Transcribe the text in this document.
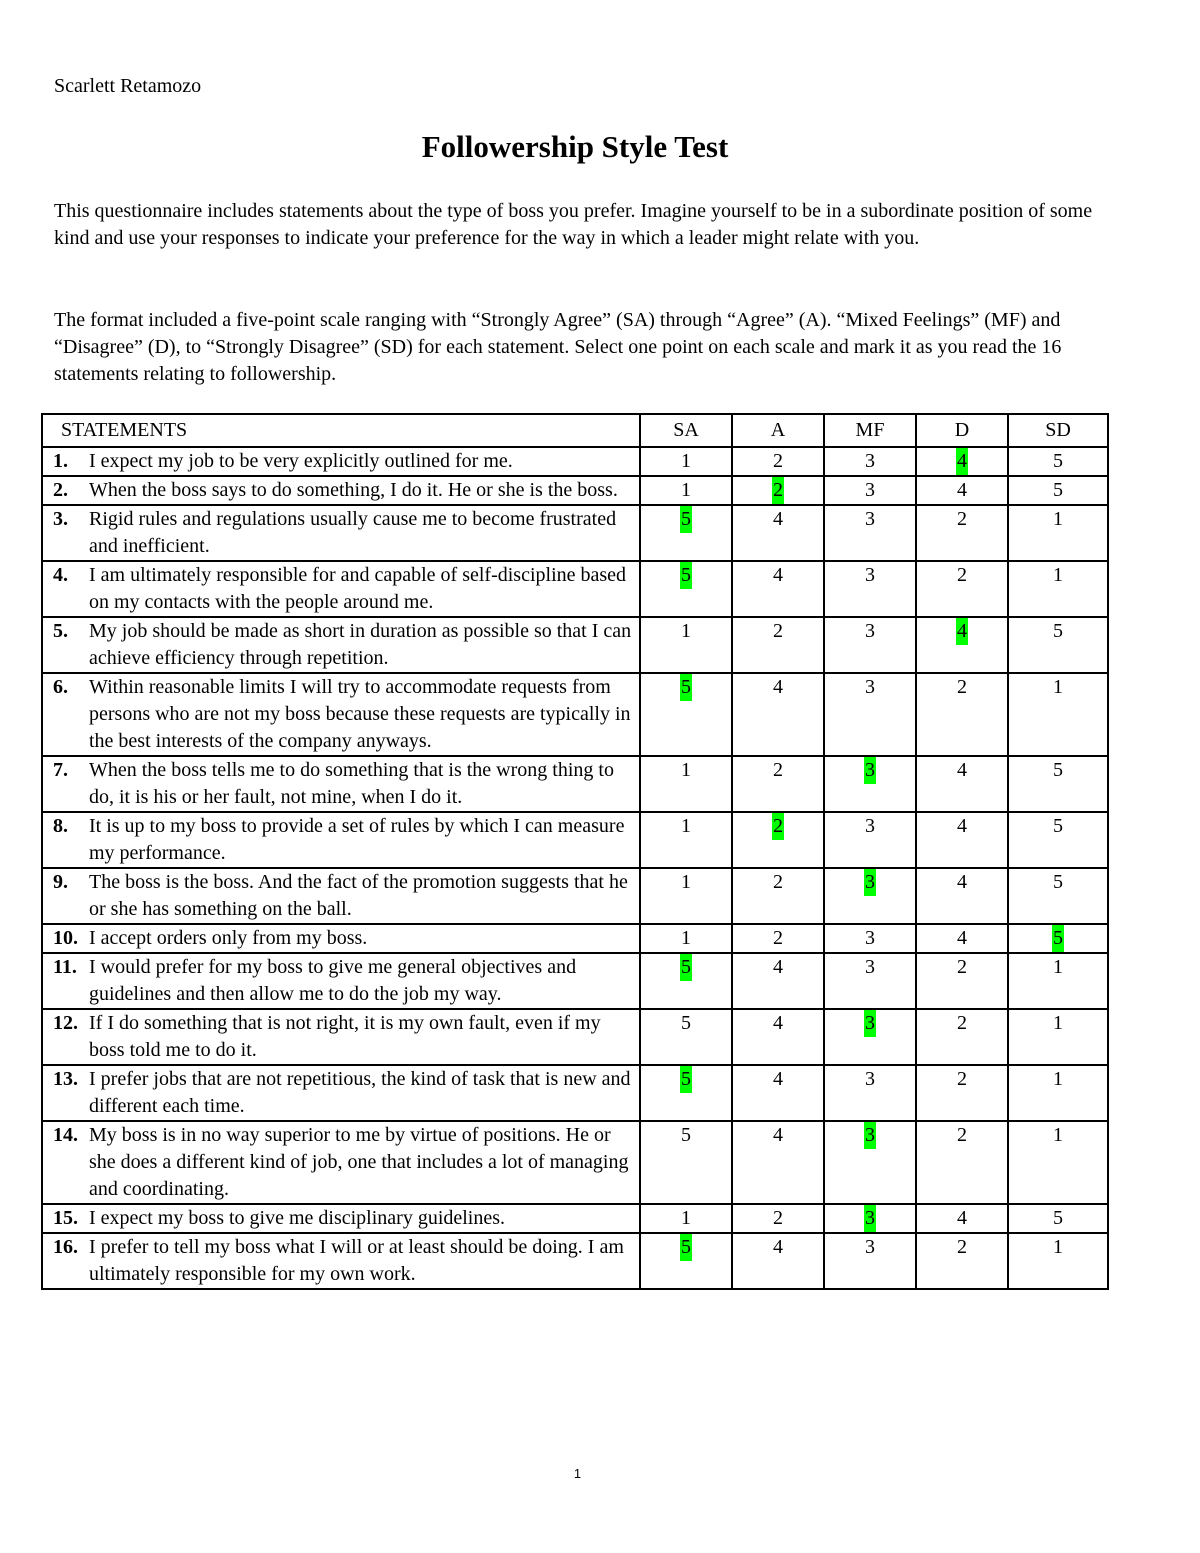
Scarlett Retamozo
Followership Style Test
This questionnaire includes statements about the type of boss you prefer. Imagine yourself to be in a subordinate position of some kind and use your responses to indicate your preference for the way in which a leader might relate with you.
The format included a five-point scale ranging with “Strongly Agree” (SA) through “Agree” (A). “Mixed Feelings” (MF) and “Disagree” (D), to “Strongly Disagree” (SD) for each statement. Select one point on each scale and mark it as you read the 16 statements relating to followership.
STATEMENTS	SA	A	MF	D	SD

1. I expect my job to be very explicitly outlined for me.	1	2	3	4	5

2. When the boss says to do something, I do it. He or she is the boss.	1	2	3	4	5

3. Rigid rules and regulations usually cause me to become frustrated and inefficient.	5	4	3	2	1

4. I am ultimately responsible for and capable of self-discipline based on my contacts with the people around me.	5	4	3	2	1

5. My job should be made as short in duration as possible so that I can achieve efficiency through repetition.	1	2	3	4	5

6. Within reasonable limits I will try to accommodate requests from persons who are not my boss because these requests are typically in the best interests of the company anyways.	5	4	3	2	1

7. When the boss tells me to do something that is the wrong thing to do, it is his or her fault, not mine, when I do it.	1	2	3	4	5

8. It is up to my boss to provide a set of rules by which I can measure my performance.	1	2	3	4	5

9. The boss is the boss. And the fact of the promotion suggests that he or she has something on the ball.	1	2	3	4	5

10. I accept orders only from my boss.	1	2	3	4	5

11. I would prefer for my boss to give me general objectives and guidelines and then allow me to do the job my way.	5	4	3	2	1

12. If I do something that is not right, it is my own fault, even if my boss told me to do it.	5	4	3	2	1

13. I prefer jobs that are not repetitious, the kind of task that is new and different each time.	5	4	3	2	1

14. My boss is in no way superior to me by virtue of positions. He or she does a different kind of job, one that includes a lot of managing and coordinating.	5	4	3	2	1

15. I expect my boss to give me disciplinary guidelines.	1	2	3	4	5

16. I prefer to tell my boss what I will or at least should be doing. I am ultimately responsible for my own work.	5	4	3	2	1
1
